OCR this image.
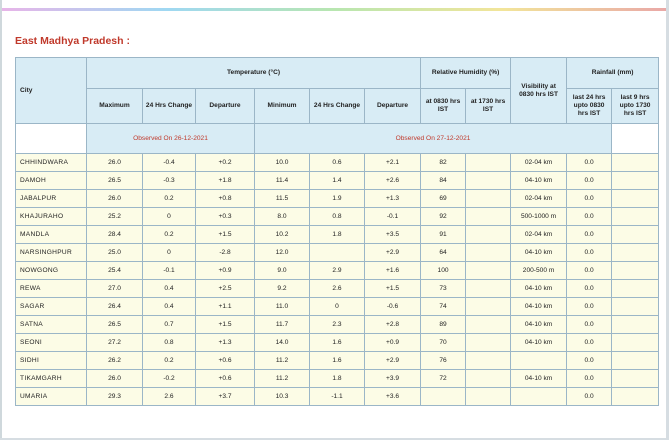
East Madhya Pradesh :
City	Temperature (°C)						Relative Humidity (%)		Visibility at 0830 hrs IST	Rainfall (mm)	
	Maximum	24 Hrs Change	Departure	Minimum	24 Hrs Change	Departure	at 0830 hrs IST	at 1730 hrs IST		last 24 hrs upto 0830 hrs IST	last 9 hrs upto 1730 hrs IST
	Observed On 26-12-2021			Observed On 27-12-2021							
CHHINDWARA	26.0	-0.4	+0.2	10.0	0.6	+2.1	82		02-04 km	0.0	
DAMOH	26.5	-0.3	+1.8	11.4	1.4	+2.6	84		04-10 km	0.0	
JABALPUR	26.0	0.2	+0.8	11.5	1.9	+1.3	69		02-04 km	0.0	
KHAJURAHO	25.2	0	+0.3	8.0	0.8	-0.1	92		500-1000 m	0.0	
MANDLA	28.4	0.2	+1.5	10.2	1.8	+3.5	91		02-04 km	0.0	
NARSINGHPUR	25.0	0	-2.8	12.0		+2.9	64		04-10 km	0.0	
NOWGONG	25.4	-0.1	+0.9	9.0	2.9	+1.6	100		200-500 m	0.0	
REWA	27.0	0.4	+2.5	9.2	2.6	+1.5	73		04-10 km	0.0	
SAGAR	26.4	0.4	+1.1	11.0	0	-0.6	74		04-10 km	0.0	
SATNA	26.5	0.7	+1.5	11.7	2.3	+2.8	89		04-10 km	0.0	
SEONI	27.2	0.8	+1.3	14.0	1.6	+0.9	70		04-10 km	0.0	
SIDHI	26.2	0.2	+0.6	11.2	1.6	+2.9	76			0.0	
TIKAMGARH	26.0	-0.2	+0.6	11.2	1.8	+3.9	72		04-10 km	0.0	
UMARIA	29.3	2.6	+3.7	10.3	-1.1	+3.6				0.0	
